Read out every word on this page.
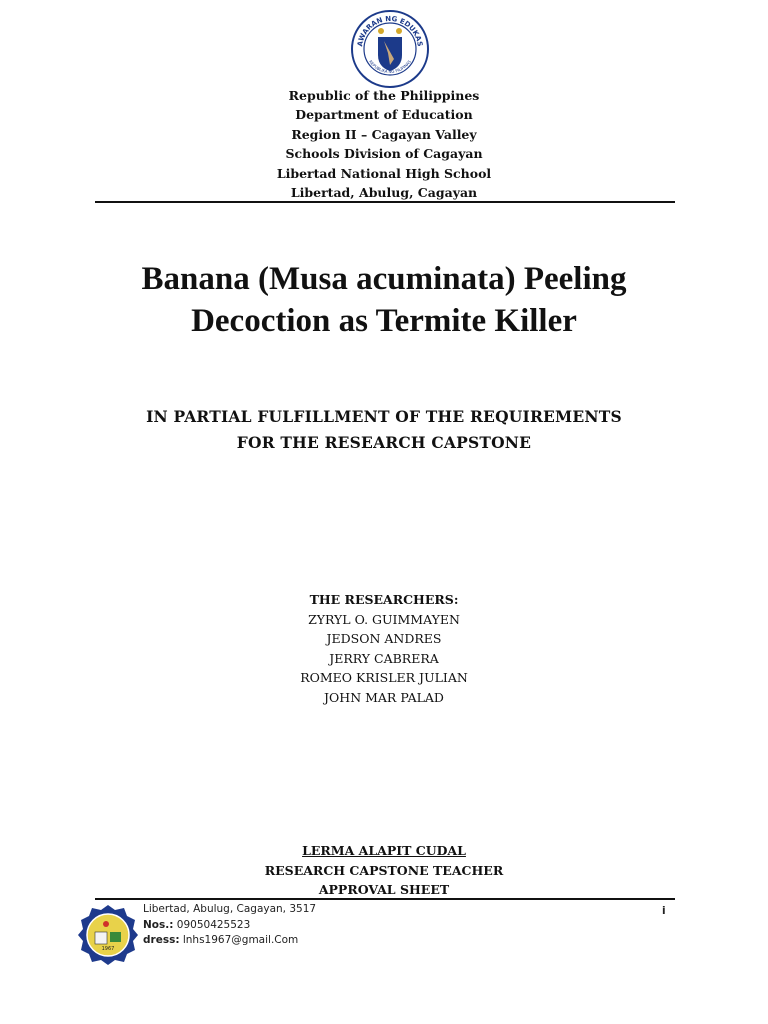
AWARAN NG EDUKAS
REPUBLIKA NG PILIPINAS
Republic of the Philippines
Department of Education
Region II – Cagayan Valley
Schools Division of Cagayan
Libertad National High School
Libertad, Abulug, Cagayan
Banana (Musa acuminata) Peeling
Decoction as Termite Killer
IN PARTIAL FULFILLMENT OF THE REQUIREMENTS
FOR THE RESEARCH CAPSTONE
THE RESEARCHERS:
ZYRYL O. GUIMMAYEN
JEDSON ANDRES
JERRY CABRERA
ROMEO KRISLER JULIAN
JOHN MAR PALAD
LERMA ALAPIT CUDAL
RESEARCH CAPSTONE TEACHER
APPROVAL SHEET
1967
Libertad, Abulug, Cagayan, 3517
Nos.: 09050425523
dress: lnhs1967@gmail.Com
i
